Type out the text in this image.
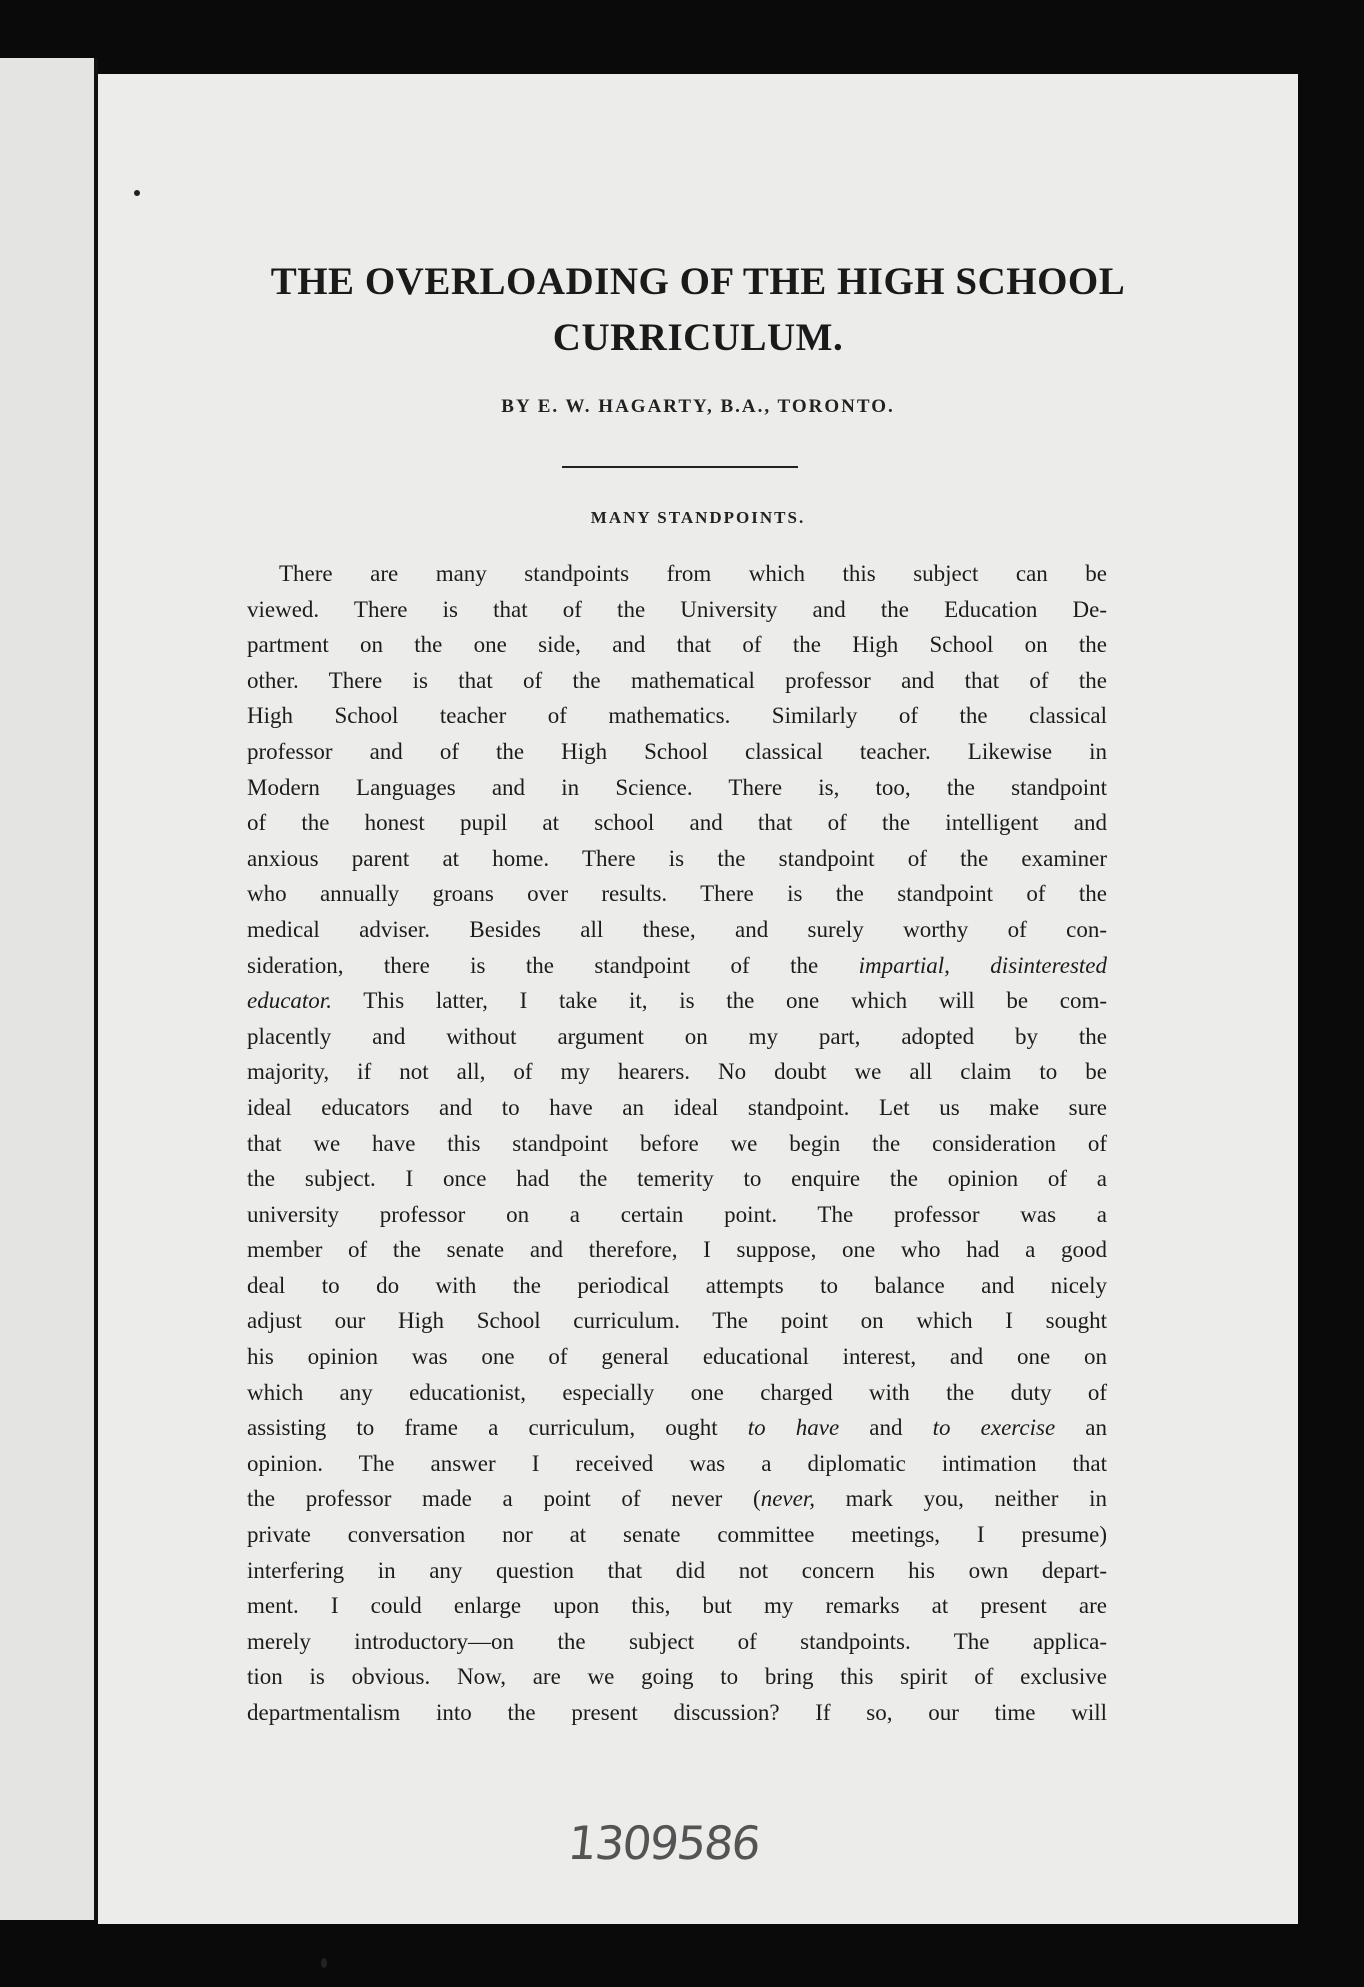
THE OVERLOADING OF THE HIGH SCHOOL
CURRICULUM.
BY E. W. HAGARTY, B.A., TORONTO.
MANY STANDPOINTS.
There are many standpoints from which this subject can be
viewed. There is that of the University and the Education De-
partment on the one side, and that of the High School on the
other. There is that of the mathematical professor and that of the
High School teacher of mathematics. Similarly of the classical
professor and of the High School classical teacher. Likewise in
Modern Languages and in Science. There is, too, the standpoint
of the honest pupil at school and that of the intelligent and
anxious parent at home. There is the standpoint of the examiner
who annually groans over results. There is the standpoint of the
medical adviser. Besides all these, and surely worthy of con-
sideration, there is the standpoint of the impartial, disinterested
educator. This latter, I take it, is the one which will be com-
placently and without argument on my part, adopted by the
majority, if not all, of my hearers. No doubt we all claim to be
ideal educators and to have an ideal standpoint. Let us make sure
that we have this standpoint before we begin the consideration of
the subject. I once had the temerity to enquire the opinion of a
university professor on a certain point. The professor was a
member of the senate and therefore, I suppose, one who had a good
deal to do with the periodical attempts to balance and nicely
adjust our High School curriculum. The point on which I sought
his opinion was one of general educational interest, and one on
which any educationist, especially one charged with the duty of
assisting to frame a curriculum, ought to have and to exercise an
opinion. The answer I received was a diplomatic intimation that
the professor made a point of never (never, mark you, neither in
private conversation nor at senate committee meetings, I presume)
interfering in any question that did not concern his own depart-
ment. I could enlarge upon this, but my remarks at present are
merely introductory—on the subject of standpoints. The applica-
tion is obvious. Now, are we going to bring this spirit of exclusive
departmentalism into the present discussion? If so, our time will
1309586
